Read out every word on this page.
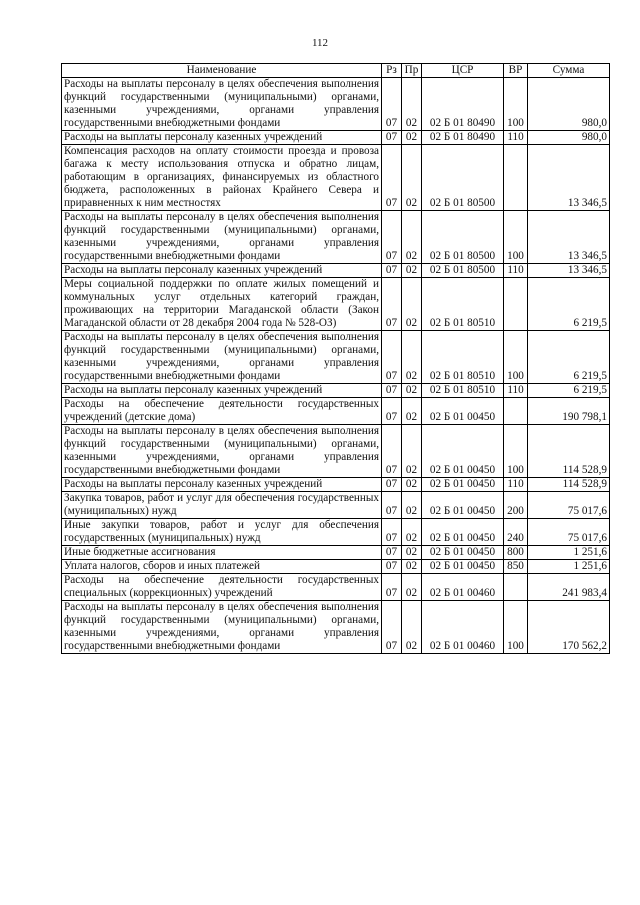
112
Наименование	Рз	Пр	ЦСР	ВР	Сумма
Расходы на выплаты персоналу в целях обеспечения выполнения функций государственными (муниципальными) органами, казенными учреждениями, органами управления государственными внебюджетными фондами	07	02	02 Б 01 80490	100	980,0
Расходы на выплаты персоналу казенных учреждений	07	02	02 Б 01 80490	110	980,0
Компенсация расходов на оплату стоимости проезда и провоза багажа к месту использования отпуска и обратно лицам, работающим в организациях, финансируемых из областного бюджета, расположенных в районах Крайнего Севера и приравненных к ним местностях	07	02	02 Б 01 80500		13 346,5
Расходы на выплаты персоналу в целях обеспечения выполнения функций государственными (муниципальными) органами, казенными учреждениями, органами управления государственными внебюджетными фондами	07	02	02 Б 01 80500	100	13 346,5
Расходы на выплаты персоналу казенных учреждений	07	02	02 Б 01 80500	110	13 346,5
Меры социальной поддержки по оплате жилых помещений и коммунальных услуг отдельных категорий граждан, проживающих на территории Магаданской области (Закон Магаданской области от 28 декабря 2004 года № 528-ОЗ)	07	02	02 Б 01 80510		6 219,5
Расходы на выплаты персоналу в целях обеспечения выполнения функций государственными (муниципальными) органами, казенными учреждениями, органами управления государственными внебюджетными фондами	07	02	02 Б 01 80510	100	6 219,5
Расходы на выплаты персоналу казенных учреждений	07	02	02 Б 01 80510	110	6 219,5
Расходы на обеспечение деятельности государственных учреждений (детские дома)	07	02	02 Б 01 00450		190 798,1
Расходы на выплаты персоналу в целях обеспечения выполнения функций государственными (муниципальными) органами, казенными учреждениями, органами управления государственными внебюджетными фондами	07	02	02 Б 01 00450	100	114 528,9
Расходы на выплаты персоналу казенных учреждений	07	02	02 Б 01 00450	110	114 528,9
Закупка товаров, работ и услуг для обеспечения государственных (муниципальных) нужд	07	02	02 Б 01 00450	200	75 017,6
Иные закупки товаров, работ и услуг для обеспечения государственных (муниципальных) нужд	07	02	02 Б 01 00450	240	75 017,6
Иные бюджетные ассигнования	07	02	02 Б 01 00450	800	1 251,6
Уплата налогов, сборов и иных платежей	07	02	02 Б 01 00450	850	1 251,6
Расходы на обеспечение деятельности государственных специальных (коррекционных) учреждений	07	02	02 Б 01 00460		241 983,4
Расходы на выплаты персоналу в целях обеспечения выполнения функций государственными (муниципальными) органами, казенными учреждениями, органами управления государственными внебюджетными фондами	07	02	02 Б 01 00460	100	170 562,2
